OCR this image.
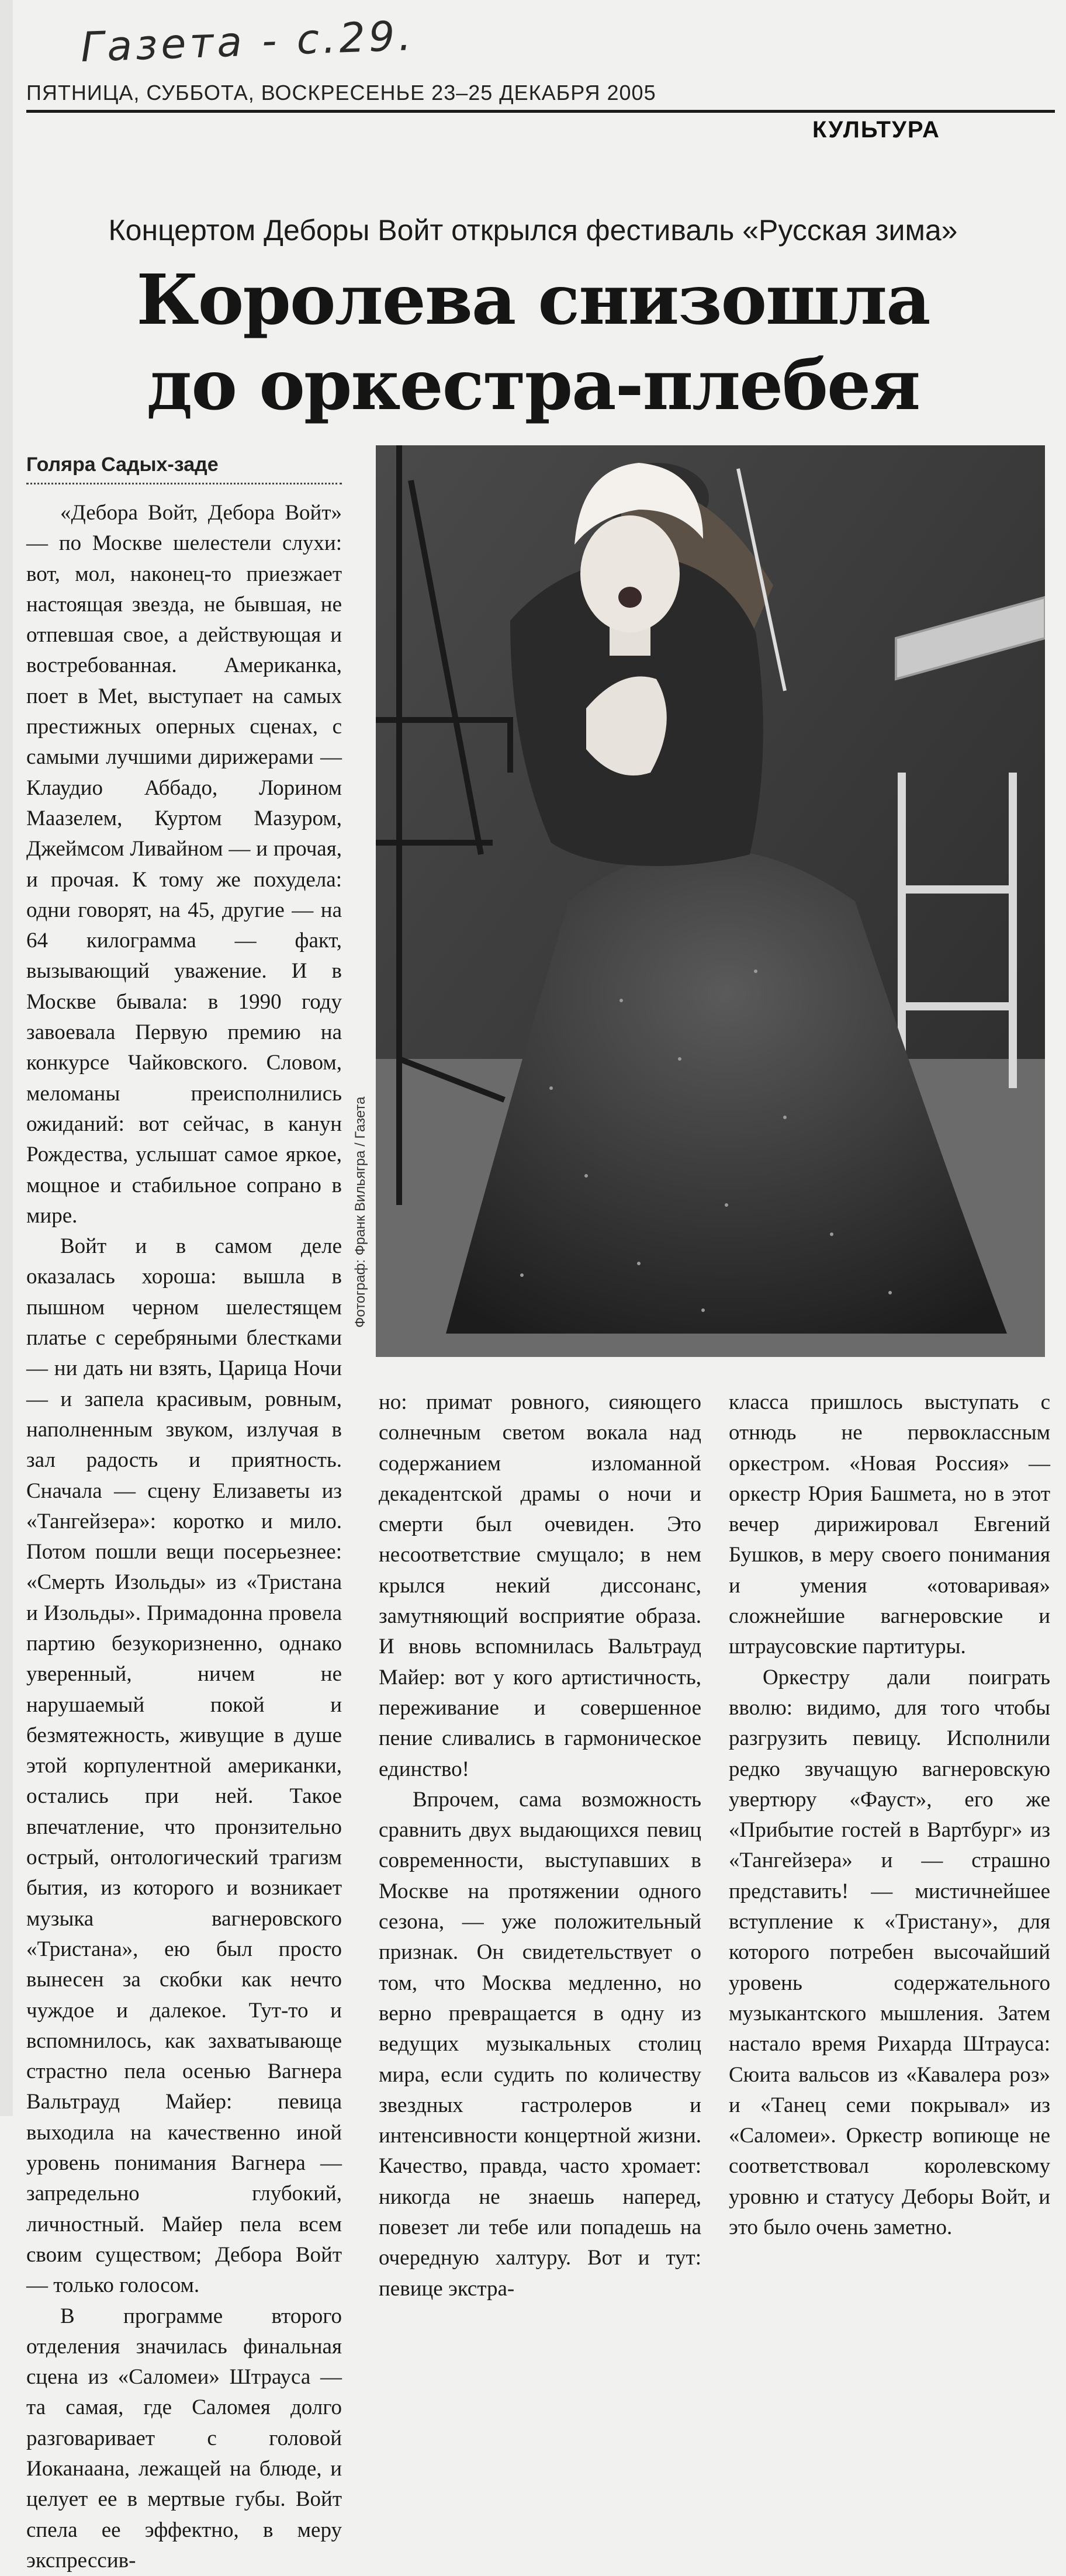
Газета - с.29.
ПЯТНИЦА, СУББОТА, ВОСКРЕСЕНЬЕ 23–25 ДЕКАБРЯ 2005
КУЛЬТУРА
Концертом Деборы Войт открылся фестиваль «Русская зима»
Королева снизошла
до оркестра-плебея
Голяра Садых-заде

«Дебора Войт, Дебора Войт» — по Москве шелестели слухи: вот, мол, наконец-то приезжает настоящая звезда, не бывшая, не отпевшая свое, а действующая и востребованная. Американка, поет в Met, выступает на самых престижных оперных сценах, с самыми лучшими дирижерами — Клаудио Аббадо, Лорином Маазелем, Куртом Мазуром, Джеймсом Ливайном — и прочая, и прочая. К тому же похудела: одни говорят, на 45, другие — на 64 килограмма — факт, вызывающий уважение. И в Москве бывала: в 1990 году завоевала Первую премию на конкурсе Чайковского. Словом, меломаны преисполнились ожиданий: вот сейчас, в канун Рождества, услышат самое яркое, мощное и стабильное сопрано в мире.

Войт и в самом деле оказалась хороша: вышла в пышном черном шелестящем платье с серебряными блестками — ни дать ни взять, Царица Ночи — и запела красивым, ровным, наполненным звуком, излучая в зал радость и приятность. Сначала — сцену Елизаветы из «Тангейзера»: коротко и мило. Потом пошли вещи посерьезнее: «Смерть Изольды» из «Тристана и Изольды». Примадонна провела партию безукоризненно, однако уверенный, ничем не нарушаемый покой и безмятежность, живущие в душе этой корпулентной американки, остались при ней. Такое впечатление, что пронзительно острый, онтологический трагизм бытия, из которого и возникает музыка вагнеровского «Тристана», ею был просто вынесен за скобки как нечто чуждое и далекое. Тут-то и вспомнилось, как захватывающе страстно пела осенью Вагнера Вальтрауд Майер: певица выходила на качественно иной уровень понимания Вагнера — запредельно глубокий, личностный. Майер пела всем своим существом; Дебора Войт — только голосом.

В программе второго отделения значилась финальная сцена из «Саломеи» Штрауса — та самая, где Саломея долго разговаривает с головой Иоканаана, лежащей на блюде, и целует ее в мертвые губы. Войт спела ее эффектно, в меру экспрессив-

Фотограф: Франк Вильягра / Газета

но: примат ровного, сияющего солнечным светом вокала над содержанием изломанной декадентской драмы о ночи и смерти был очевиден. Это несоответствие смущало; в нем крылся некий диссонанс, замутняющий восприятие образа. И вновь вспомнилась Вальтрауд Майер: вот у кого артистичность, переживание и совершенное пение сливались в гармоническое единство!

Впрочем, сама возможность сравнить двух выдающихся певиц современности, выступавших в Москве на протяжении одного сезона, — уже положительный признак. Он свидетельствует о том, что Москва медленно, но верно превращается в одну из ведущих музыкальных столиц мира, если судить по количеству звездных гастролеров и интенсивности концертной жизни. Качество, правда, часто хромает: никогда не знаешь наперед, повезет ли тебе или попадешь на очередную халтуру. Вот и тут: певице экстра-

класса пришлось выступать с отнюдь не первоклассным оркестром. «Новая Россия» — оркестр Юрия Башмета, но в этот вечер дирижировал Евгений Бушков, в меру своего понимания и умения «отоваривая» сложнейшие вагнеровские и штраусовские партитуры.

Оркестру дали поиграть вволю: видимо, для того чтобы разгрузить певицу. Исполнили редко звучащую вагнеровскую увертюру «Фауст», его же «Прибытие гостей в Вартбург» из «Тангейзера» и — страшно представить! — мистичнейшее вступление к «Тристану», для которого потребен высочайший уровень содержательного музыкантского мышления. Затем настало время Рихарда Штрауса: Сюита вальсов из «Кавалера роз» и «Танец семи покрывал» из «Саломеи». Оркестр вопиюще не соответствовал королевскому уровню и статусу Деборы Войт, и это было очень заметно.
